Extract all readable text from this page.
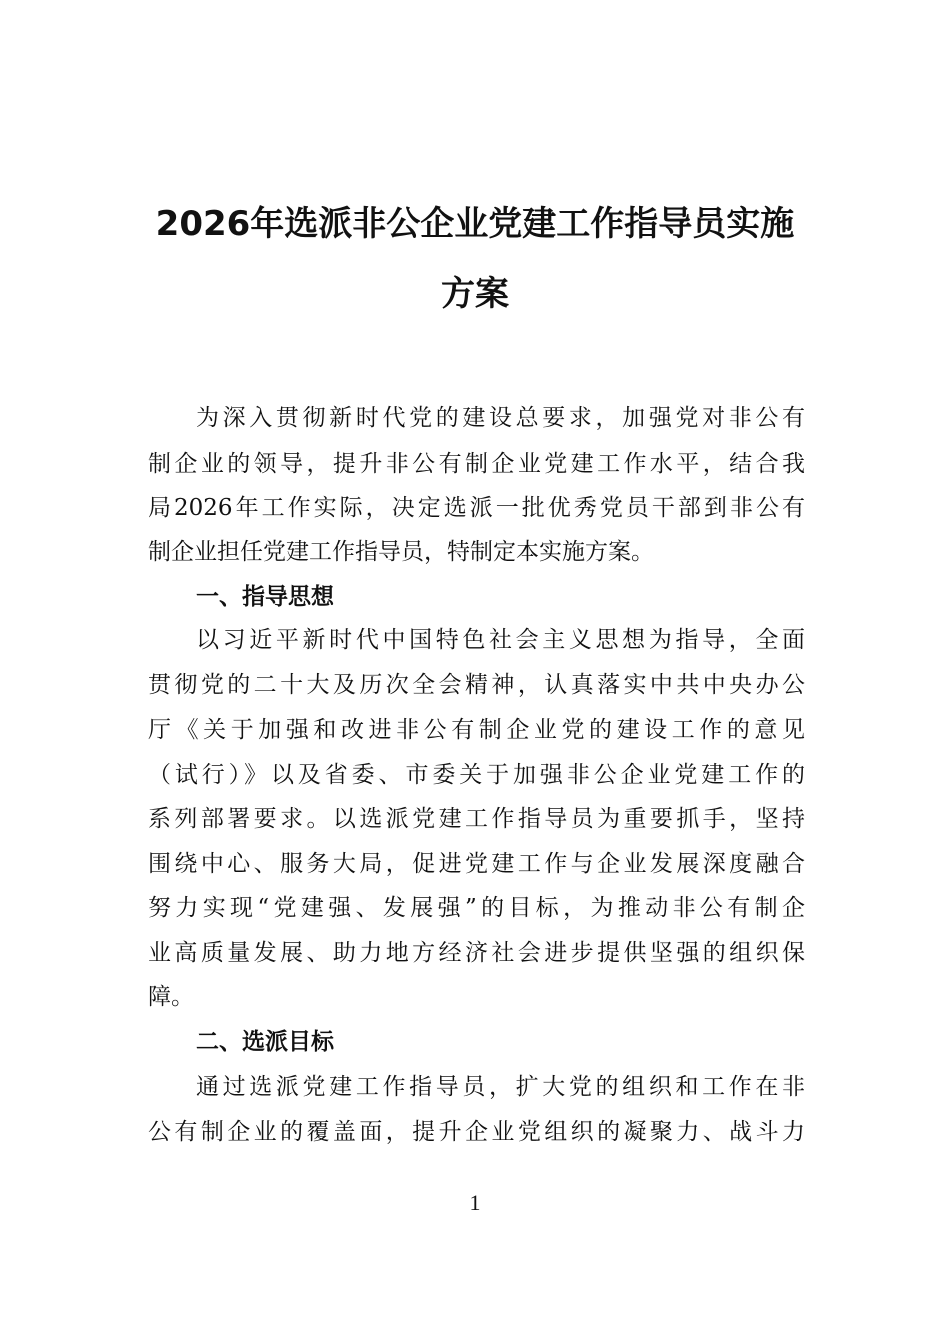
2026年选派非公企业党建工作指导员实施
方案
为深入贯彻新时代党的建设总要求，加强党对非公有
制企业的领导，提升非公有制企业党建工作水平，结合我
局2026年工作实际，决定选派一批优秀党员干部到非公有
制企业担任党建工作指导员，特制定本实施方案。
一、指导思想
以习近平新时代中国特色社会主义思想为指导，全面
贯彻党的二十大及历次全会精神，认真落实中共中央办公
厅《关于加强和改进非公有制企业党的建设工作的意见
（试行）》以及省委、市委关于加强非公企业党建工作的
系列部署要求。以选派党建工作指导员为重要抓手，坚持
围绕中心、服务大局，促进党建工作与企业发展深度融合
努力实现“党建强、发展强”的目标，为推动非公有制企
业高质量发展、助力地方经济社会进步提供坚强的组织保
障。
二、选派目标
通过选派党建工作指导员，扩大党的组织和工作在非
公有制企业的覆盖面，提升企业党组织的凝聚力、战斗力
1
